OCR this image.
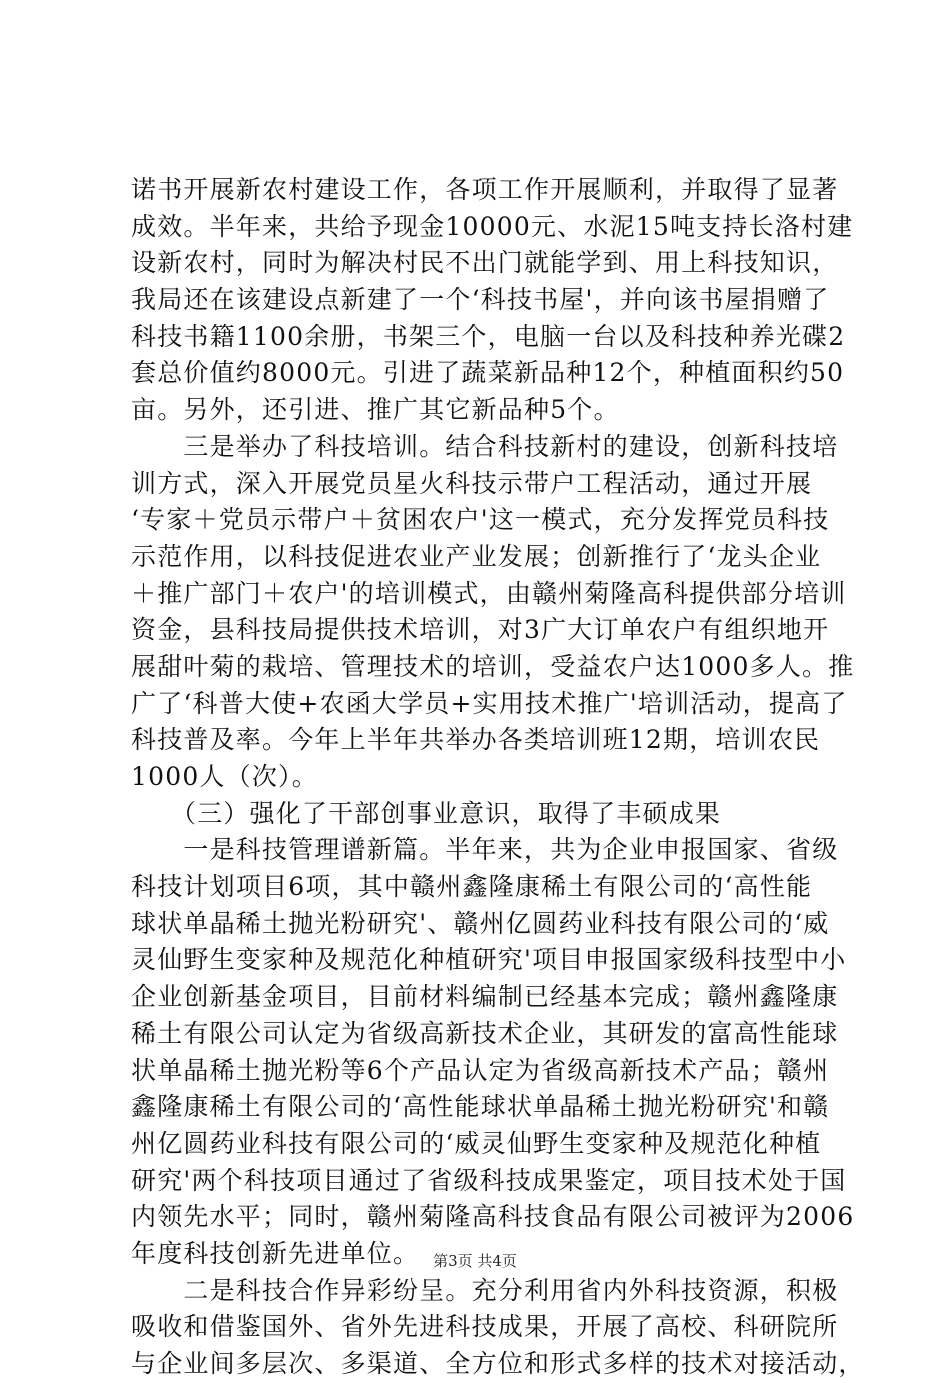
诺书开展新农村建设工作，各项工作开展顺利，并取得了显著
成效。半年来，共给予现金10000元、水泥15吨支持长洛村建
设新农村，同时为解决村民不出门就能学到、用上科技知识，
我局还在该建设点新建了一个‘科技书屋'，并向该书屋捐赠了
科技书籍1100余册，书架三个，电脑一台以及科技种养光碟2
套总价值约8000元。引进了蔬菜新品种12个，种植面积约50
亩。另外，还引进、推广其它新品种5个。
　　三是举办了科技培训。结合科技新村的建设，创新科技培
训方式，深入开展党员星火科技示带户工程活动，通过开展
‘专家＋党员示带户＋贫困农户'这一模式，充分发挥党员科技
示范作用，以科技促进农业产业发展；创新推行了‘龙头企业
＋推广部门＋农户'的培训模式，由赣州菊隆高科提供部分培训
资金，县科技局提供技术培训，对3广大订单农户有组织地开
展甜叶菊的栽培、管理技术的培训，受益农户达1000多人。推
广了‘科普大使+农函大学员+实用技术推广'培训活动，提高了
科技普及率。今年上半年共举办各类培训班12期，培训农民
1000人（次）。
　　（三）强化了干部创事业意识，取得了丰硕成果
　　一是科技管理谱新篇。半年来，共为企业申报国家、省级
科技计划项目6项，其中赣州鑫隆康稀土有限公司的‘高性能
球状单晶稀土抛光粉研究'、赣州亿圆药业科技有限公司的‘威
灵仙野生变家种及规范化种植研究'项目申报国家级科技型中小
企业创新基金项目，目前材料编制已经基本完成；赣州鑫隆康
稀土有限公司认定为省级高新技术企业，其研发的富高性能球
状单晶稀土抛光粉等6个产品认定为省级高新技术产品；赣州
鑫隆康稀土有限公司的‘高性能球状单晶稀土抛光粉研究'和赣
州亿圆药业科技有限公司的‘威灵仙野生变家种及规范化种植
研究'两个科技项目通过了省级科技成果鉴定，项目技术处于国
内领先水平；同时，赣州菊隆高科技食品有限公司被评为2006
年度科技创新先进单位。
　　二是科技合作异彩纷呈。充分利用省内外科技资源，积极
吸收和借鉴国外、省外先进科技成果，开展了高校、科研院所
与企业间多层次、多渠道、全方位和形式多样的技术对接活动，
第3页 共4页
